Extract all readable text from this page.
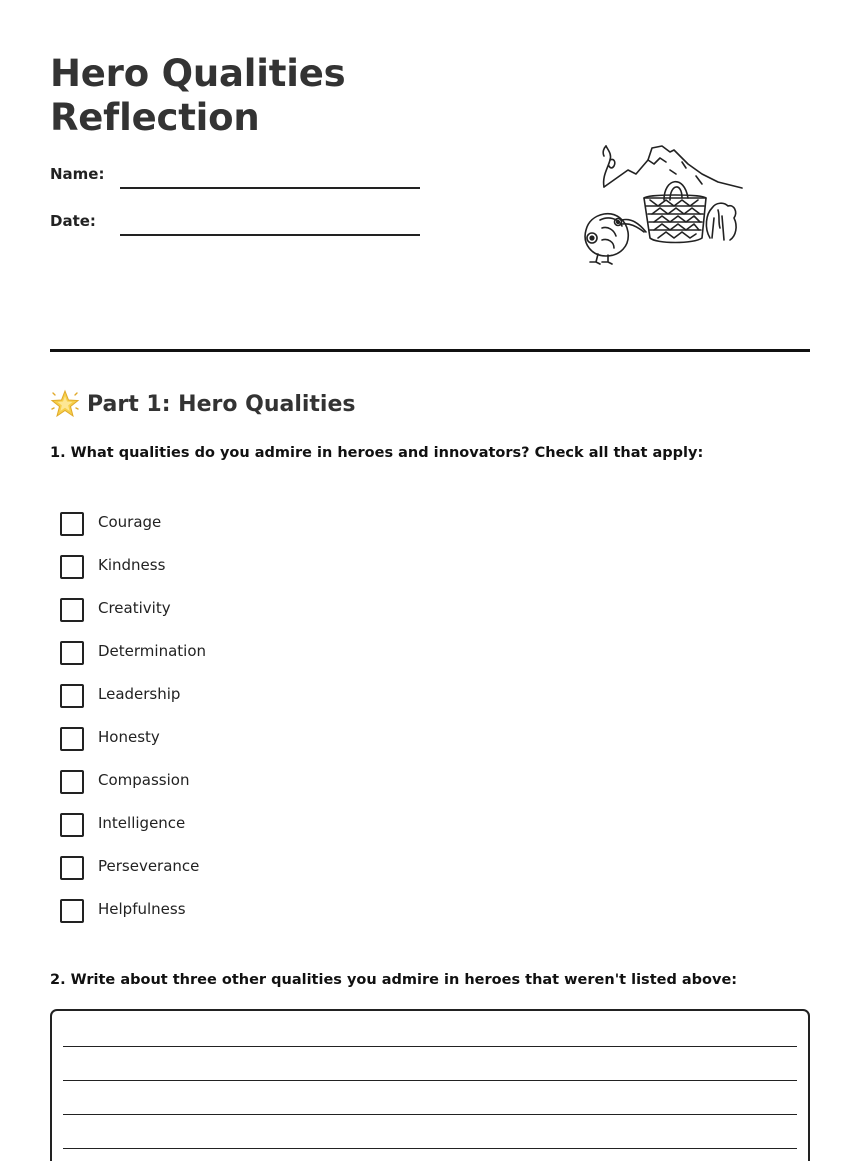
Hero Qualities
Reflection
Name:
Date:
Part 1: Hero Qualities

1. What qualities do you admire in heroes and innovators? Check all that apply:

Courage
Kindness
Creativity
Determination
Leadership
Honesty
Compassion
Intelligence
Perseverance
Helpfulness

2. Write about three other qualities you admire in heroes that weren't listed above:
